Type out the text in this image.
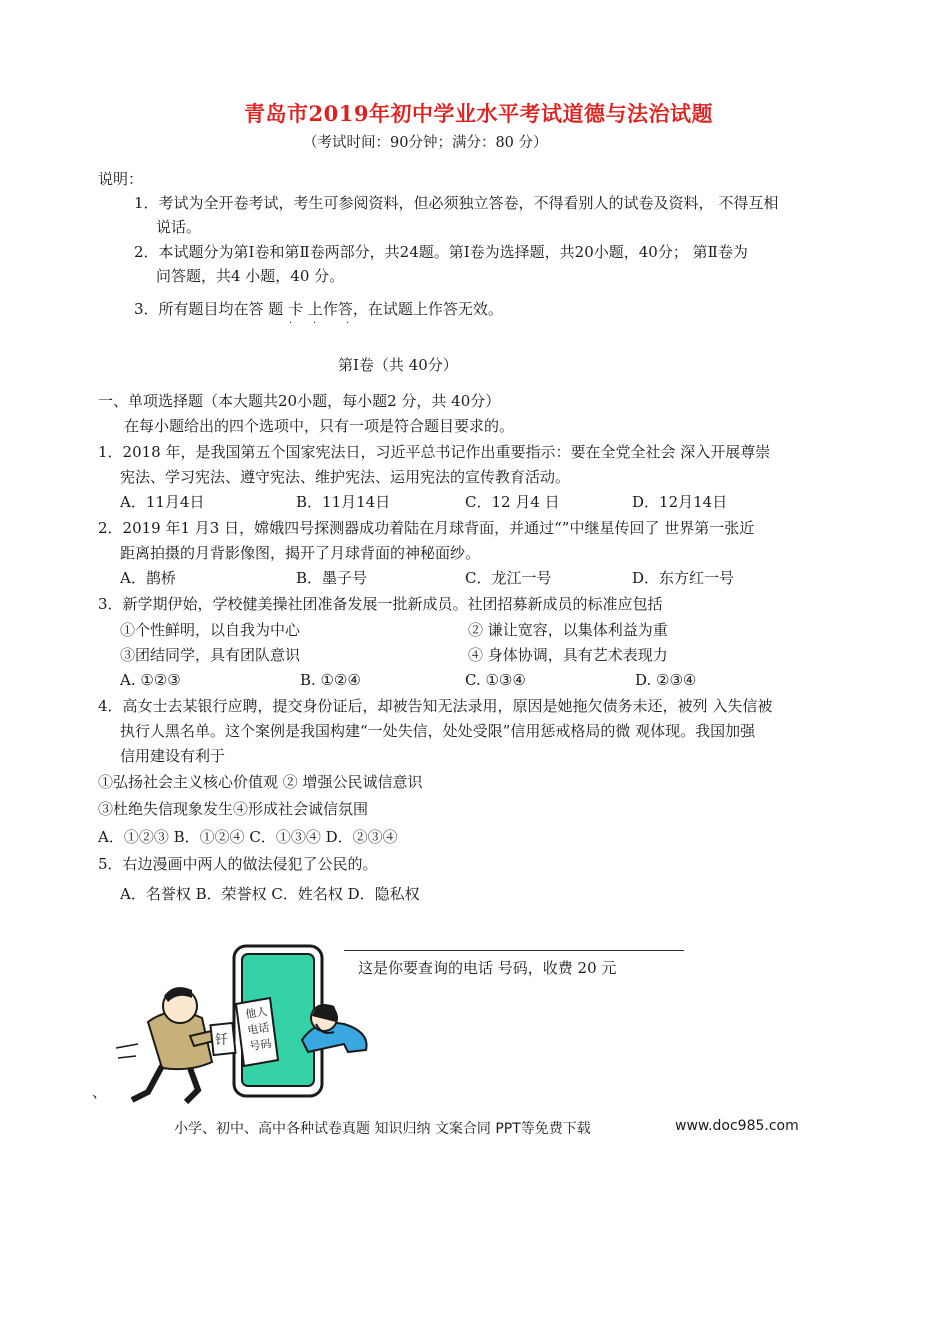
青岛市2019年初中学业水平考试道德与法治试题
（考试时间：90分钟；满分：80 分）
说明：
1．考试为全开卷考试，考生可参阅资料，但必须独立答卷，不得看别人的试卷及资料， 不得互相
说话。
2．本试题分为第Ⅰ卷和第Ⅱ卷两部分，共24题。第Ⅰ卷为选择题，共20小题，40分； 第Ⅱ卷为
问答题，共4 小题，40 分。
3．所有题目均在答 题 卡 上作答，在试题上作答无效。
· ·	·
第Ⅰ卷（共 40分）
一、单项选择题（本大题共20小题，每小题2 分，共 40分）
在每小题给出的四个选项中，只有一项是符合题目要求的。
1．2018 年，是我国第五个国家宪法日，习近平总书记作出重要指示：要在全党全社会 深入开展尊崇
宪法、学习宪法、遵守宪法、维护宪法、运用宪法的宣传教育活动。
A．11月4日	B．11月14日	C．12 月4 日	D．12月14日
2．2019 年1 月3 日，嫦娥四号探测器成功着陆在月球背面，并通过“”中继星传回了 世界第一张近
距离拍摄的月背影像图，揭开了月球背面的神秘面纱。
A．鹊桥	B．墨子号	C．龙江一号	D．东方红一号
3．新学期伊始，学校健美操社团准备发展一批新成员。社团招募新成员的标准应包括
①个性鲜明，以自我为中心	② 谦让宽容，以集体利益为重
③团结同学，具有团队意识	④ 身体协调，具有艺术表现力
A. ①②③	B. ①②④	C. ①③④	D. ②③④
4．高女士去某银行应聘，提交身份证后，却被告知无法录用，原因是她拖欠债务未还，被列 入失信被
执行人黑名单。这个案例是我国构建“一处失信，处处受限”信用惩戒格局的微 观体现。我国加强
信用建设有利于
①弘扬社会主义核心价值观 ② 增强公民诚信意识
③杜绝失信现象发生④形成社会诚信氛围
A．①②③ B．①②④ C．①③④ D．②③④
5．右边漫画中两人的做法侵犯了公民的。
A．名誉权 B．荣誉权 C．姓名权 D．隐私权
这是你要查询的电话 号码，收费 20 元
他人
电话
号码
钎
、
小学、初中、高中各种试卷真题 知识归纳 文案合同 PPT等免费下载	www.doc985.com
